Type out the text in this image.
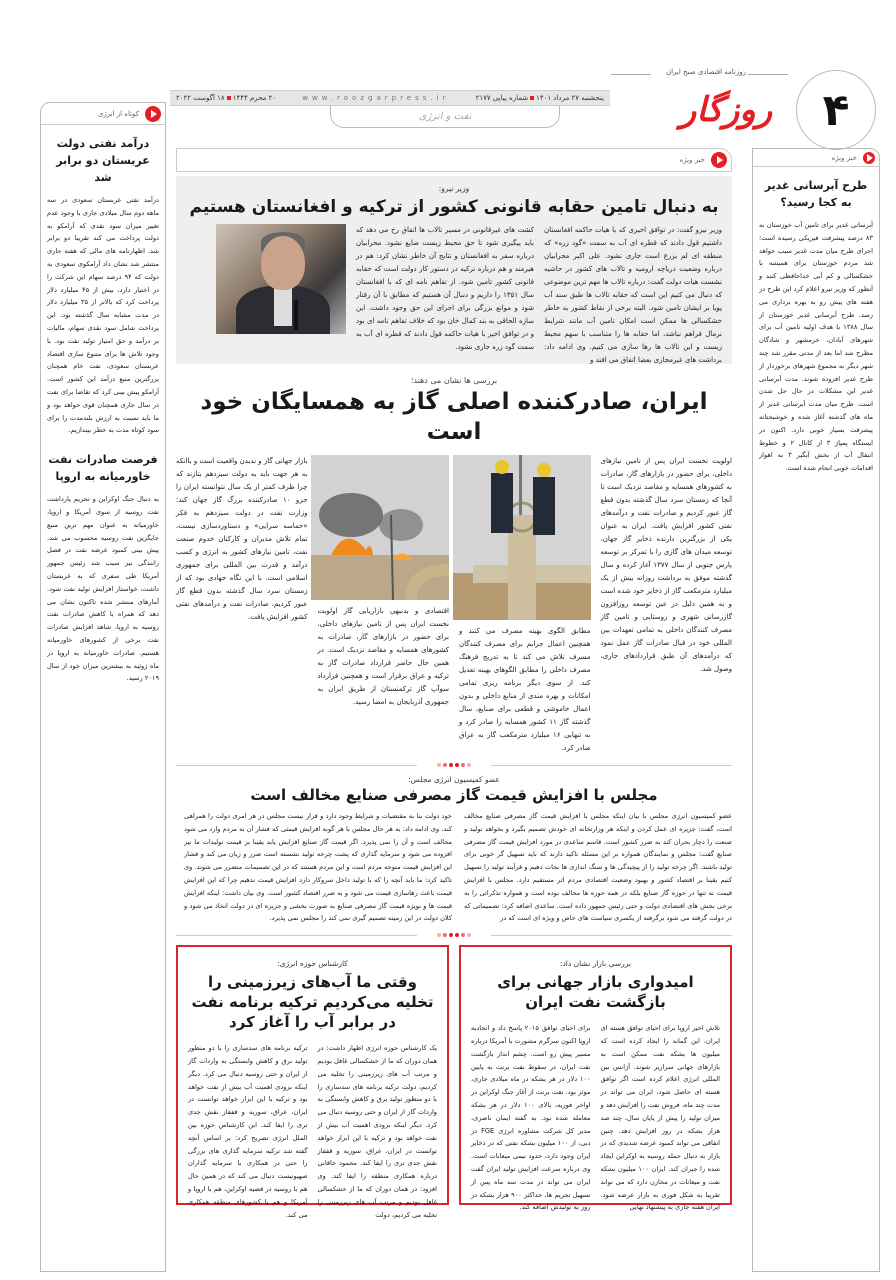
۴
روزنامه اقتصادی صبح ایران
روزگار
پنجشنبه ۲۷ مرداد ۱۴۰۱شماره پیاپی ۲۱۷۷
www.roozgarpress.ir
۲۰ محرم ۱۴۴۴۱۸ آگوست ۲۰۲۲
نفت و انرژی
کوتاه از انرژی
درآمد نفتی دولت عربستان دو برابر شد

درآمد نفتی عربستان سعودی در سه ماهه دوم سال میلادی جاری با وجود عدم تغییر میزان سود نقدی که آرامکو به دولت پرداخت می کند تقریبا دو برابر شد. اظهارنامه های مالی که هفته جاری منتشر شد نشان داد آرامکوی سعودی به دولت که ۹۴ درصد سهام این شرکت را در اختیار دارد، بیش از ۴۵ میلیارد دلار پرداخت کرد که بالاتر از ۳۵ میلیارد دلار در مدت مشابه سال گذشته بود. این پرداخت شامل سود نقدی سهام، مالیات بر درآمد و حق امتیاز تولید نفت بود. با وجود تلاش ها برای متنوع سازی اقتصاد عربستان سعودی، نفت خام همچنان بزرگترین منبع درآمد این کشور است. آرامکو پیش بینی کرد که تقاضا برای نفت در سال جاری همچنان قوی خواهد بود و ما باید نسبت به ارزش بلندمدت را برای سود کوتاه مدت به خطر بیندازیم.

فرصت صادرات نفت خاورمیانه به اروپا

به دنبال جنگ اوکراین و تحریم پارداشت نفت روسیه از سوی آمریکا و اروپا، خاورمیانه به عنوان مهم ترین منبع جایگزین نفت روسیه محسوب می شد. پیش بینی کمبود عرضه نفت در فصل رانندگی نیز سبب شد رئیس جمهور آمریکا طی سفری که به عربستان داشت، خواستار افزایش تولید نفت شود. آمارهای منتشر شده تاکنون نشان می دهد که همراه با کاهش صادرات نفت روسیه به اروپا، شاهد افزایش صادرات نفت برخی از کشورهای خاورمیانه هستیم. صادرات خاورمیانه به اروپا در ماه ژوئیه به بیشترین میزان خود از سال ۲۰۱۹ رسید.

خبر ویژه
طرح آبرسانی غدیر به کجا رسید؟

آبرسانی غدیر برای تامین آب خوزستان به ۸۳ درصد پیشرفت فیزیکی رسیده است؛ اجرای طرح میان مدت غدیر سبب خواهد شد مردم خوزستان برای همیشه با خشکسالی و کم آبی خداحافظی کنند و آنطور که وزیر نیرو اعلام کرد این طرح در هفته های پیش رو به بهره برداری می رسد. طرح آبرسانی غدیر خوزستان از سال ۱۳۸۸ با هدف اولیه تامین آب برای شهرهای آبادان، خرمشهر و شادگان مطرح شد اما بعد از مدتی مقرر شد چند شهر دیگر به مجموع شهرهای برخوردار از طرح غدیر افزوده شوند. مدت آبرسانی غدیر این مشکلات در حال حل شدن است. طرح میان مدت آبرسانی غدیر از ماه های گذشته آغاز شده و خوشبختانه پیشرفت بسیار خوبی دارد. اکنون در ایستگاه پمپاژ ۳ از کانال ۲ و خطوط انتقال آب از بخش آبگیر ۳ به اهواز اقدامات خوبی انجام شده است.

خبر ویژه
وزیر نیرو:
به دنبال تامین حقابه قانونی کشور از ترکیه و افغانستان هستیم

وزیر نیرو گفت: در توافق اخیری که با هیات حاکمه افغانستان داشتیم قول دادند که قطره ای آب به سمت «گود زره» که منطقه ای لم یزرع است جاری نشود. علی اکبر محرابیان درباره وضعیت دریاچه ارومیه و تالاب های کشور در حاشیه نشست هیات دولت گفت: درباره تالاب ها مهم ترین موضوعی که دنبال می کنیم این است که حقابه تالاب ها طبق سند آب پویا بر ایشان تامین شود. البته برخی از نقاط کشور به خاطر خشکسالی ها ممکن است امکان تامین آب مانند شرایط نرمال فراهم نباشد، اما حقابه ها را متناسب با سهم محیط زیست و این تالاب ها رها سازی می کنیم. وی ادامه داد: برداشت های غیرمجازی بعضا اتفاق می افتد و

کشت های غیرقانونی در مسیر تالاب ها اتفاق رخ می دهد که باید پیگیری شود تا حق محیط زیست ضایع نشود. محرابیان درباره سفر به افغانستان و نتایج آن خاطر نشان کرد: هم در هیرمند و هم درباره ترکیه در دستور کار دولت است که حقابه قانونی کشور تامین شود. از تفاهم نامه ای که با افغانستان سال ۱۳۵۱ را داریم و دنبال آن هستیم که مطابق با آن رفتار شود و موانع بزرگی برای اجرای این حق وجود داشت. این سازه الحاقی به بند کمال خان بود که خلاف تفاهم نامه ای بود و در توافق اخیر با هیات حاکمه قول دادند که قطره ای آب به سمت گود زره جاری نشود.

بررسی ها نشان می دهند؛
ایران، صادرکننده اصلی گاز به همسایگان خود است

اولویت نخست ایران پس از تامین نیازهای داخلی، برای حضور در بازارهای گاز، صادرات به کشورهای همسایه و مقاصد نزدیک است تا آنجا که زمستان سرد سال گذشته بدون قطع گاز عبور کردیم و صادرات نفت و درآمدهای نفتی کشور افزایش یافت. ایران به عنوان یکی از بزرگترین دارنده ذخایر گاز جهان، توسعه میدان های گازی را با تمرکز بر توسعه پارس جنوبی از سال ۱۳۷۷ آغاز کرده و سال گذشته موفق به برداشت روزانه بیش از یک میلیارد مترمکعب گاز از ذخایر خود شده است و به همین دلیل در عین توسعه روزافزون گازرسانی شهری و روستایی و تامین گاز مصرف کنندگان داخلی به تمامی تعهدات بین المللی خود در قبال صادرات گاز عمل نمود که درآمدهای آن طبق قراردادهای جاری، وصول شد.

مطابق الگوی بهینه مصرف می کنند و همچنین اعمال جرایم برای مصرف کنندگان مسرف تلاش می کند تا به تدریج فرهنگ مصرف داخلی را مطابق الگوهای بهینه تعدیل کند. از سوی دیگر برنامه ریزی تمامی امکانات و بهره مندی از منابع داخلی و بدون اعمال خاموشی و قطعی برای صنایع، سال گذشته گاز ۱۱ کشور همسایه را صادر کرد و به تنهایی ۱۶ میلیارد مترمکعب گاز به عراق صادر کرد.

اقتصادی و بدنبهی بازاریابی گاز اولویت نخست ایران پس از تامین نیازهای داخلی، برای حضور در بازارهای گاز، صادرات به کشورهای همسایه و مقاصد نزدیک است. در همین حال حاضر قرارداد صادرات گاز به ترکیه و عراق برقرار است و همچنین قرارداد سوآپ گاز ترکمنستان از طریق ایران به جمهوری آذربایجان به امضا رسید.

بازار جهانی گاز و ندیدن واقعیت است و باانکه به هر جهت باید به دولت سیزدهم بتازند که چرا ظرف کمتر از یک سال نتوانسته ایران را جزو ۱۰ صادرکننده بزرگ گاز جهان کند؛ وزارت نفت در دولت سیزدهم به فکر «حماسه سرایی» و دستاوردسازی نیست، تمام تلاش مدیران و کارکنان خدوم صنعت نفت، تامین نیازهای کشور به انرژی و کسب درآمد و قدرت بین المللی برای جمهوری اسلامی است. با این نگاه جهادی بود که از زمستان سرد سال گذشته بدون قطع گاز عبور کردیم، صادرات نفت و درآمدهای نفتی کشور افزایش یافت.

عضو کمیسیون انرژی مجلس:
مجلس با افزایش قیمت گاز مصرفی صنایع مخالف است

عضو کمیسیون انرژی مجلس با بیان اینکه مجلس با افزایش قیمت گاز مصرفی صنایع مخالف است، گفت: جزیره ای عمل کردن و اینکه هر وزارتخانه ای خودش تصمیم بگیرد و بخواهد تولید و صنعت را دچار بحران کند به ضرر کشور است. قاسم ساعدی در مورد افزایش قیمت گاز مصرفی صنایع گفت: مجلس و نمایندگان همواره بر این مسئله تاکید دارند که باید تسهیل گر خوبی برای تولید باشند. اگر چرخه تولید را از پیچیدگی ها و سنگ اندازی ها نجات دهیم و فرآیند تولید را تسهیل کنیم یقینا بر اقتصاد کشور و بهبود وضعیت اقتصادی مردم اثر مستقیم دارد. مجلس با افزایش قیمت نه تنها در حوزه گاز صنایع بلکه در همه حوزه ها مخالف بوده است و همواره تذکراتی را به برخی بخش های اقتصادی دولت و حتی رئیس جمهور داده است. ساعدی اضافه کرد: تصمیماتی که در دولت گرفته می شود برگرفته از یکسری سیاست های خاص و ویژه ای است که در

خود دولت بنا به مقتضیات و شرایط وجود دارد و قرار نیست مجلس در هر امری دولت را همراهی کند. وی ادامه داد: به هر حال مجلس با هر گونه افزایش قیمتی که فشار آن به مردم وارد می شود مخالف است و آن را نمی پذیرد. اگر قیمت گاز صنایع افزایش یابد یقینا بر قیمت تولیدات ما نیز افزوده می شود و سرمایه گذاری که پشت چرخه تولید نشسته است ضرر و زیان می کند و فشار این افزایش قیمت متوجه مردم است و این مردم هستند که در این تصمیمات متضرر می شوند. وی تاکید کرد: ما باید آنچه را که با تولید داخل سروکار دارد افزایش قیمت ندهیم چرا که این افزایش قیمت باعث رهاسازی قیمت می شود و به ضرر اقتصاد کشور است. وی بیان داشت: اینکه افزایش قیمت ها و بویژه قیمت گاز مصرفی صنایع به صورت بخشی و جزیره ای در دولت اتخاذ می شود و کلان دولت در این زمینه تصمیم گیری نمی کند را مجلس نمی پذیرد.

بررسی بازار نشان داد:
امیدواری بازار جهانی برای بازگشت نفت ایران

تلاش اخیر اروپا برای احیای توافق هسته ای ایران، این گمانه را ایجاد کرده است که میلیون ها بشکه نفت ممکن است به بازارهای جهانی سرازیر شوند. آژانس بین المللی انرژی اعلام کرده است اگر توافق هسته ای حاصل شود، ایران می تواند در مدت چند ماه، فروش نفت را افزایش دهد و میزان تولید را پیش از پایان سال، چند صد هزار بشکه در روز افزایش دهد. چنین اتفاقی می تواند کمبود عرضه شدیدی که در بازار به دنبال حمله روسیه به اوکراین ایجاد شده را جبران کند. ایران ۱۰۰ میلیون بشکه نفت و میعانات در مخازن دارد که می تواند تقریبا به شکل فوری به بازار عرضه شود. ایران هفته جاری به پیشنهاد نهایی

برای احیای توافق ۲۰۱۵ پاسخ داد و اتحادیه اروپا اکنون سرگرم مشورت با آمریکا درباره مسیر پیش رو است. چشم انداز بازگشت نفت ایران، در سقوط نفت برنت به پایین ۱۰۰ دلار در هر بشکه در ماه میلادی جاری، موثر بود. نفت برنت از آغاز جنگ اوکراین در اواخر فوریه، بالای ۱۰۰ دلار در هر بشکه معامله شده بود. به گفته ایمان ناصری، مدیر کل شرکت مشاوره انرژی FGE در دبی، از ۱۰۰ میلیون بشکه نفتی که در ذخایر ایران وجود دارد، حدود نیمی میعانات است. وی درباره سرعت افزایش تولید ایران گفت ایران می تواند در مدت سه ماه پس از تسهیل تحریم ها، حداکثر ۹۰۰ هزار بشکه در روز به تولیدش اضافه کند.

کارشناس حوزه انرژی:
وقتی ما آب‌های زیرزمینی را تخلیه می‌کردیم ترکیه برنامه نفت در برابر آب را آغاز کرد

یک کارشناس حوزه انرژی اظهار داشت: در همان دوران که ما از خشکسالی غافل بودیم و مرتب آب های زیرزمینی را تخلیه می کردیم، دولت ترکیه برنامه های سدسازی را با دو منظور تولید برق و کاهش وابستگی به واردات گاز از ایران و حتی روسیه دنبال می کرد. دیگر اینکه بزودی اهمیت آب بیش از نفت خواهد بود و ترکیه با این ابزار خواهد توانست در ایران، عراق، سوریه و قفقاز نقش جدی تری را ایفا کند. محمود خاقانی درباره همکاری منطقه را ایفا کند. وی افزود: در همان دوران که ما از خشکسالی غافل بودیم و مرتب آب های زیرزمینی را تخلیه می کردیم، دولت

ترکیه برنامه های سدسازی را با دو منظور تولید برق و کاهش وابستگی به واردات گاز از ایران و حتی روسیه دنبال می کرد. دیگر اینکه بزودی اهمیت آب بیش از نفت خواهد بود و ترکیه با این ابزار خواهد توانست در ایران، عراق، سوریه و قفقاز نقش جدی تری را ایفا کند. این کارشناس حوزه بین الملل انرژی تصریح کرد: بر اساس آنچه گفته شد ترکیه سرمایه گذاری های بزرگی را حتی در همکاری با سرمایه گذاران صهیونیست دنبال می کند که در همین حال هم با روسیه در قضیه اوکراین، هم با اروپا و آمریکا و هم با کشورهای منطقه همکاری می کند.
